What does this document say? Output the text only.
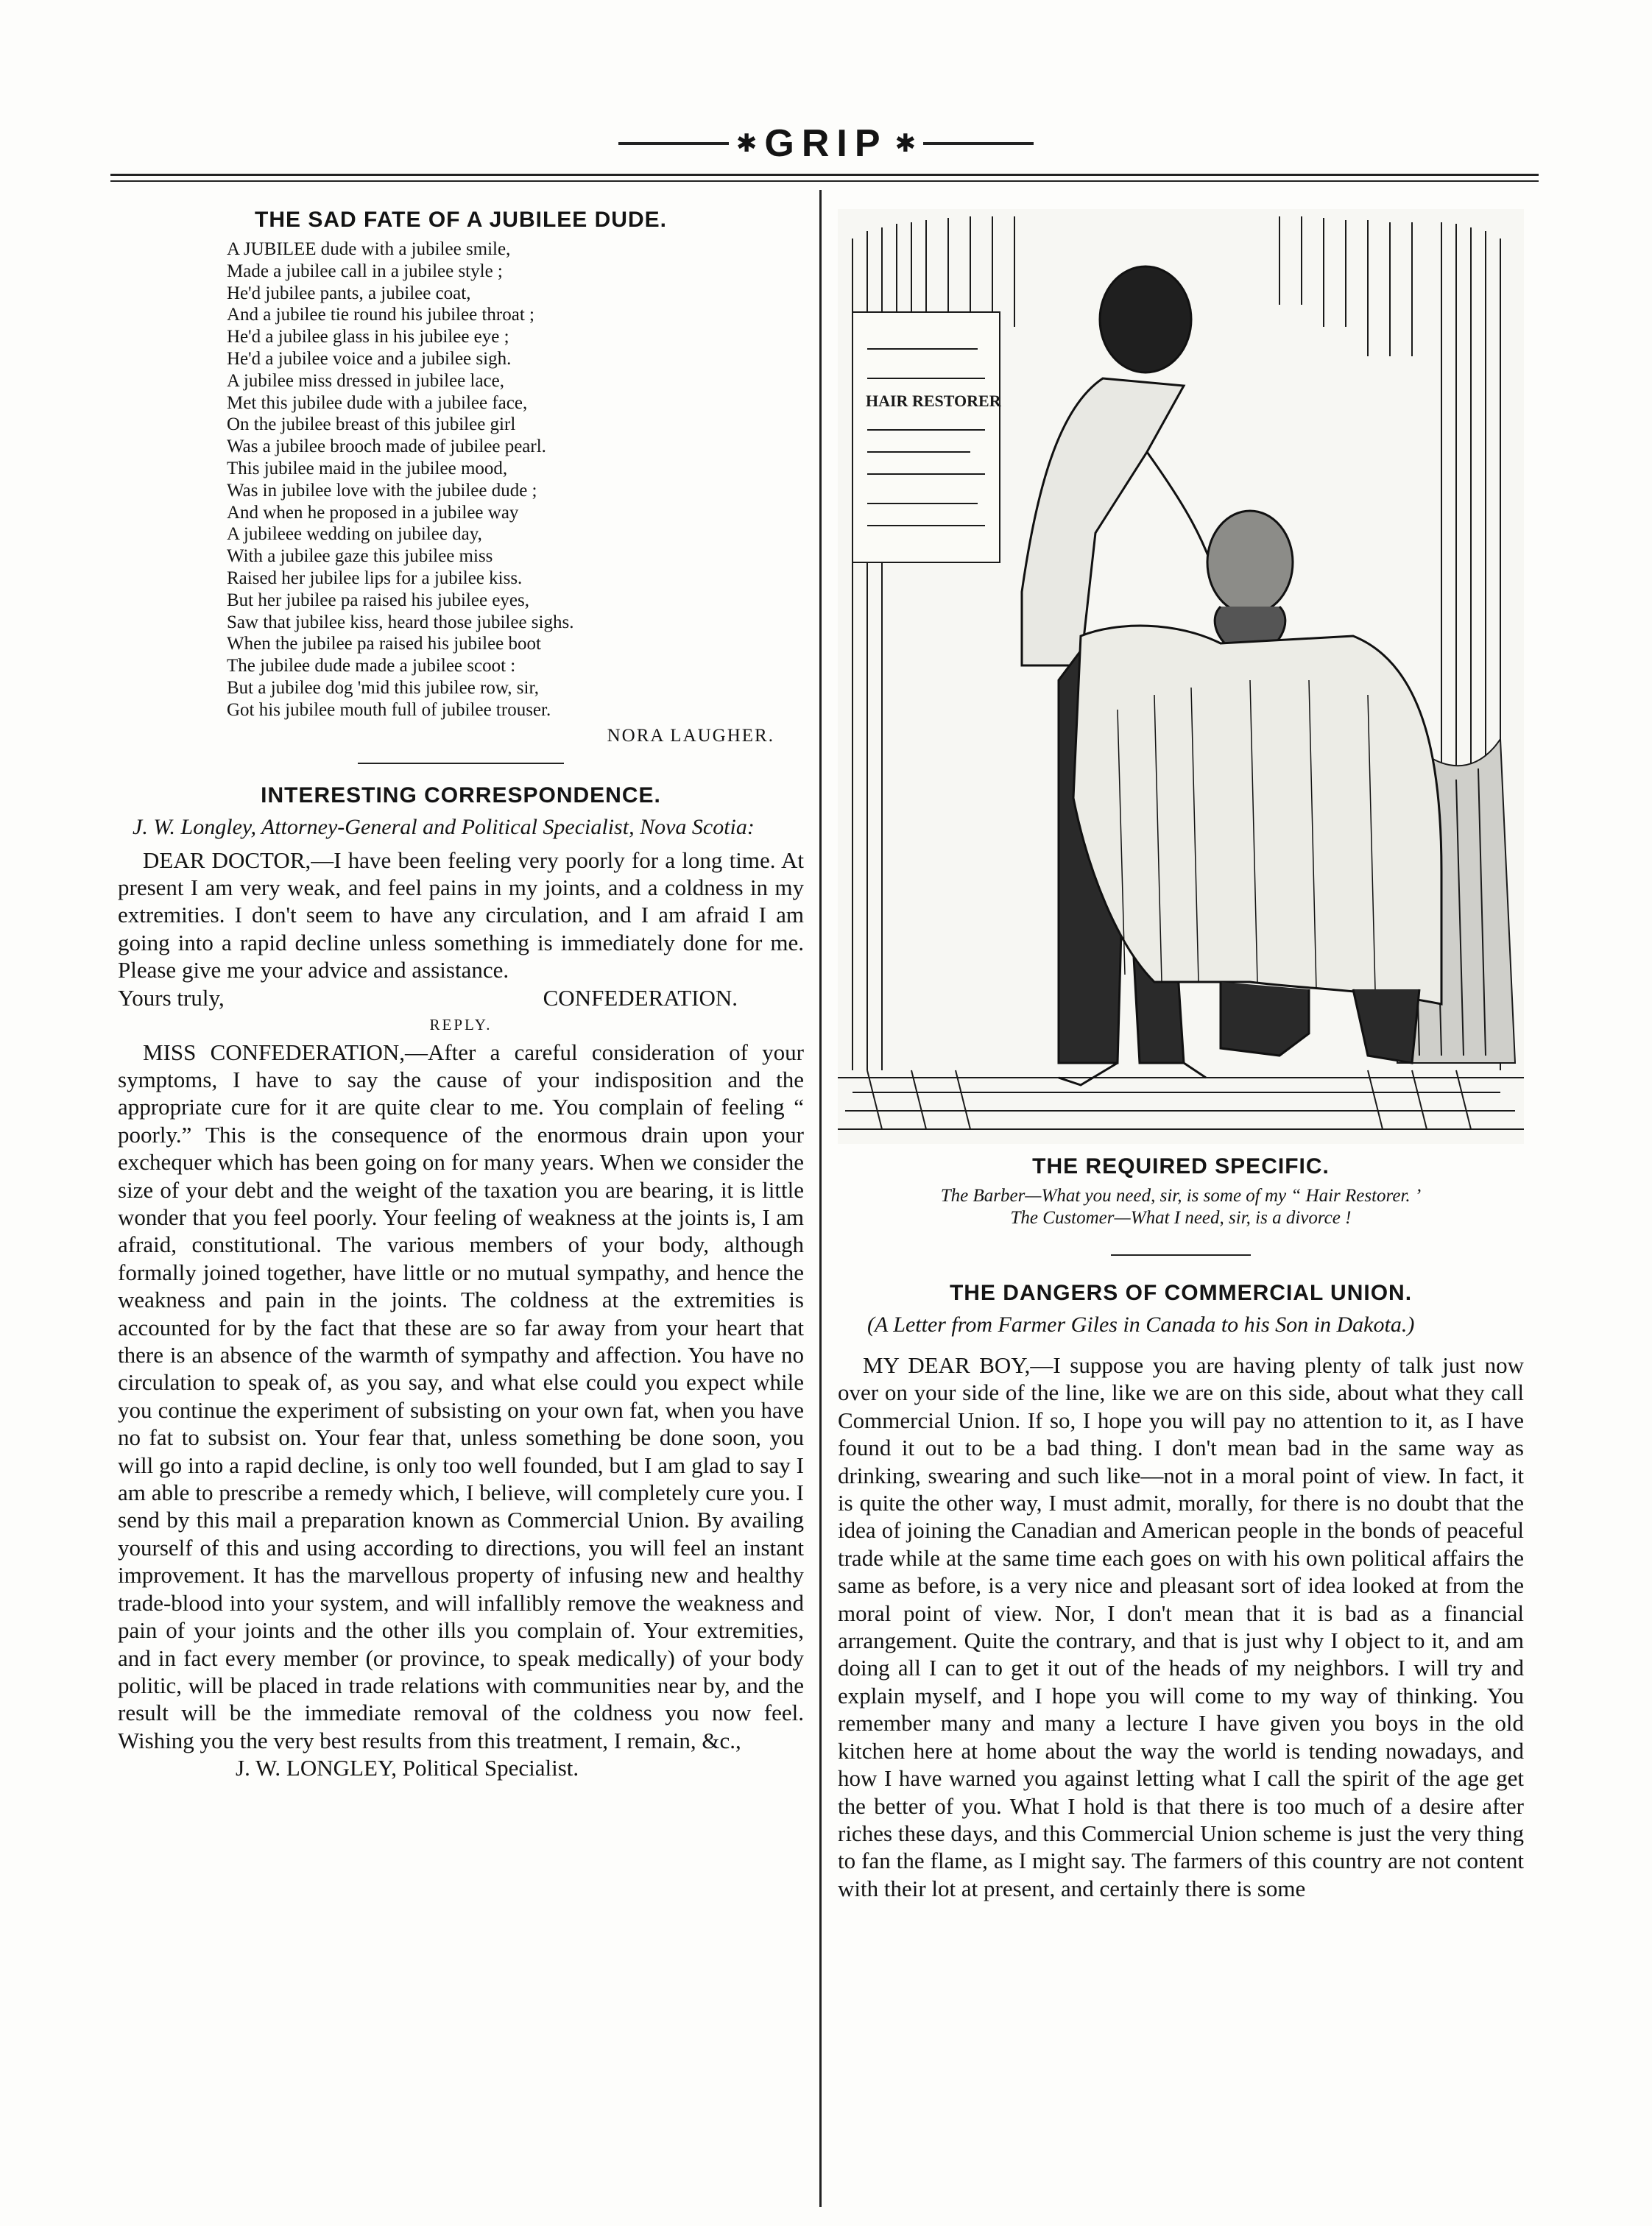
✱ GRIP ✱
THE SAD FATE OF A JUBILEE DUDE.
A JUBILEE dude with a jubilee smile,
Made a jubilee call in a jubilee style ;
He'd jubilee pants, a jubilee coat,
And a jubilee tie round his jubilee throat ;
He'd a jubilee glass in his jubilee eye ;
He'd a jubilee voice and a jubilee sigh.
A jubilee miss dressed in jubilee lace,
Met this jubilee dude with a jubilee face,
On the jubilee breast of this jubilee girl
Was a jubilee brooch made of jubilee pearl.
This jubilee maid in the jubilee mood,
Was in jubilee love with the jubilee dude ;
And when he proposed in a jubilee way
A jubileee wedding on jubilee day,
With a jubilee gaze this jubilee miss
Raised her jubilee lips for a jubilee kiss.
But her jubilee pa raised his jubilee eyes,
Saw that jubilee kiss, heard those jubilee sighs.
When the jubilee pa raised his jubilee boot
The jubilee dude made a jubilee scoot :
But a jubilee dog 'mid this jubilee row, sir,
Got his jubilee mouth full of jubilee trouser.
NORA LAUGHER.
INTERESTING CORRESPONDENCE.

J. W. Longley, Attorney-General and Political Specialist, Nova Scotia:

DEAR DOCTOR,—I have been feeling very poorly for a long time. At present I am very weak, and feel pains in my joints, and a coldness in my extremities. I don't seem to have any circulation, and I am afraid I am going into a rapid decline unless something is immediately done for me. Please give me your advice and assistance.

Yours truly,	CONFEDERATION.
REPLY.

MISS CONFEDERATION,—After a careful consideration of your symptoms, I have to say the cause of your indisposition and the appropriate cure for it are quite clear to me. You complain of feeling “ poorly.” This is the consequence of the enormous drain upon your exchequer which has been going on for many years. When we consider the size of your debt and the weight of the taxation you are bearing, it is little wonder that you feel poorly. Your feeling of weakness at the joints is, I am afraid, constitutional. The various members of your body, although formally joined together, have little or no mutual sympathy, and hence the weakness and pain in the joints. The coldness at the extremities is accounted for by the fact that these are so far away from your heart that there is an absence of the warmth of sympathy and affection. You have no circulation to speak of, as you say, and what else could you expect while you continue the experiment of subsisting on your own fat, when you have no fat to subsist on. Your fear that, unless something be done soon, you will go into a rapid decline, is only too well founded, but I am glad to say I am able to prescribe a remedy which, I believe, will completely cure you. I send by this mail a preparation known as Commercial Union. By availing yourself of this and using according to directions, you will feel an instant improvement. It has the marvellous property of infusing new and healthy trade-blood into your system, and will infallibly remove the weakness and pain of your joints and the other ills you complain of. Your extremities, and in fact every member (or province, to speak medically) of your body politic, will be placed in trade relations with communities near by, and the result will be the immediate removal of the coldness you now feel. Wishing you the very best results from this treatment, I remain, &c.,

J. W. LONGLEY, Political Specialist.
HAIR RESTORER
THE REQUIRED SPECIFIC.
The Barber—What you need, sir, is some of my “ Hair Restorer. ’
The Customer—What I need, sir, is a divorce !
THE DANGERS OF COMMERCIAL UNION.

(A Letter from Farmer Giles in Canada to his Son in Dakota.)

MY DEAR BOY,—I suppose you are having plenty of talk just now over on your side of the line, like we are on this side, about what they call Commercial Union. If so, I hope you will pay no attention to it, as I have found it out to be a bad thing. I don't mean bad in the same way as drinking, swearing and such like—not in a moral point of view. In fact, it is quite the other way, I must admit, morally, for there is no doubt that the idea of joining the Canadian and American people in the bonds of peaceful trade while at the same time each goes on with his own political affairs the same as before, is a very nice and pleasant sort of idea looked at from the moral point of view. Nor, I don't mean that it is bad as a financial arrangement. Quite the contrary, and that is just why I object to it, and am doing all I can to get it out of the heads of my neighbors. I will try and explain myself, and I hope you will come to my way of thinking. You remember many and many a lecture I have given you boys in the old kitchen here at home about the way the world is tending nowadays, and how I have warned you against letting what I call the spirit of the age get the better of you. What I hold is that there is too much of a desire after riches these days, and this Commercial Union scheme is just the very thing to fan the flame, as I might say. The farmers of this country are not content with their lot at present, and certainly there is some
